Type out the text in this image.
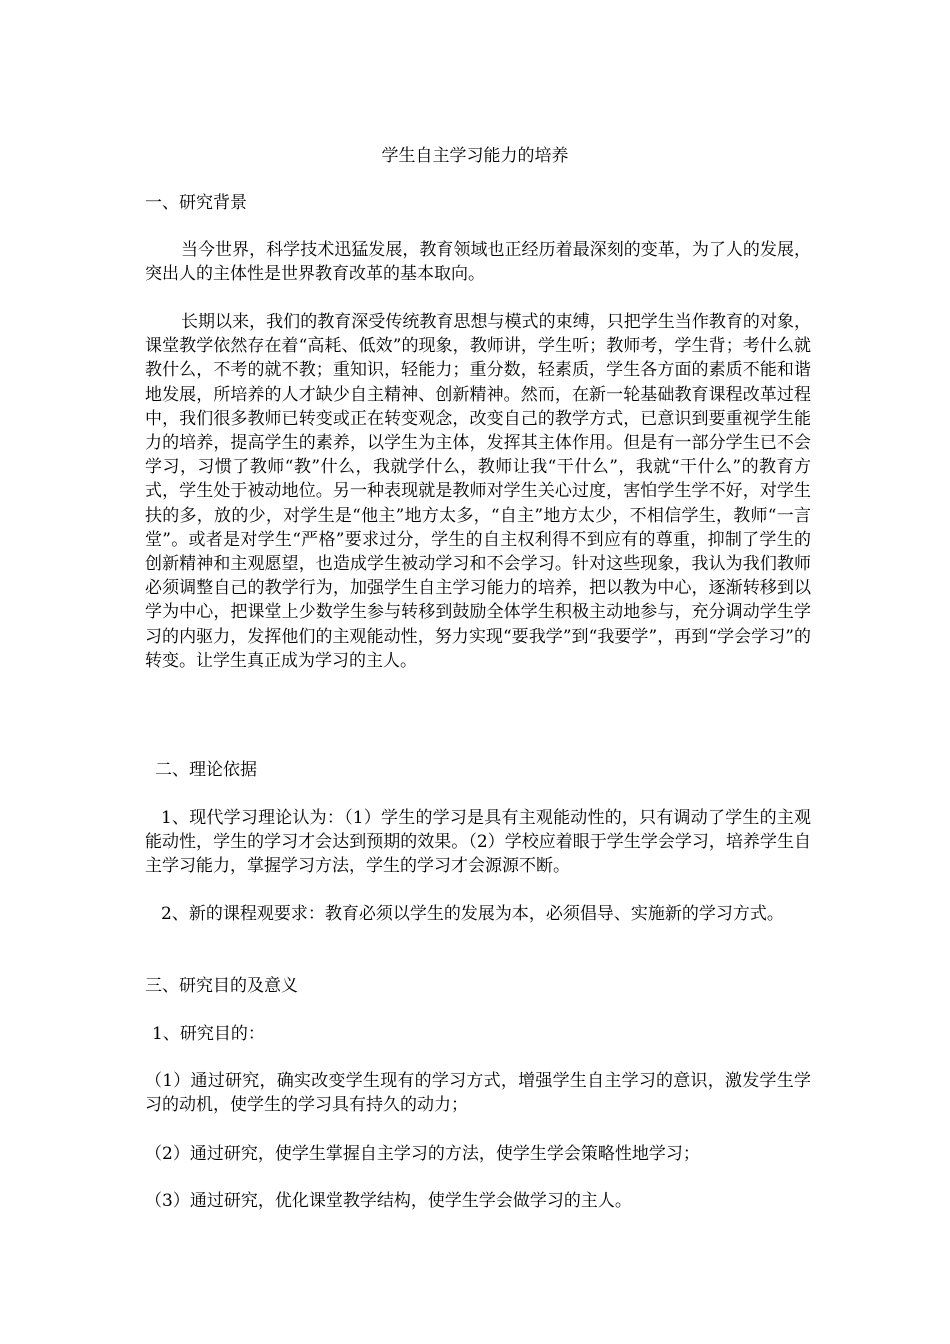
学生自主学习能力的培养
一、研究背景

当今世界，科学技术迅猛发展，教育领域也正经历着最深刻的变革，为了人的发展，突出人的主体性是世界教育改革的基本取向。

长期以来，我们的教育深受传统教育思想与模式的束缚，只把学生当作教育的对象，课堂教学依然存在着“高耗、低效”的现象，教师讲，学生听；教师考，学生背；考什么就教什么，不考的就不教；重知识，轻能力；重分数，轻素质，学生各方面的素质不能和谐地发展，所培养的人才缺少自主精神、创新精神。然而，在新一轮基础教育课程改革过程中，我们很多教师已转变或正在转变观念，改变自己的教学方式，已意识到要重视学生能力的培养，提高学生的素养，以学生为主体，发挥其主体作用。但是有一部分学生已不会学习，习惯了教师“教”什么，我就学什么，教师让我“干什么”，我就“干什么”的教育方式，学生处于被动地位。另一种表现就是教师对学生关心过度，害怕学生学不好，对学生扶的多，放的少，对学生是“他主”地方太多，“自主”地方太少，不相信学生，教师“一言堂”。或者是对学生“严格”要求过分，学生的自主权利得不到应有的尊重，抑制了学生的创新精神和主观愿望，也造成学生被动学习和不会学习。针对这些现象，我认为我们教师必须调整自己的教学行为，加强学生自主学习能力的培养，把以教为中心，逐渐转移到以学为中心，把课堂上少数学生参与转移到鼓励全体学生积极主动地参与，充分调动学生学习的内驱力，发挥他们的主观能动性，努力实现“要我学”到“我要学”，再到“学会学习”的转变。让学生真正成为学习的主人。

二、理论依据

1、现代学习理论认为：（1）学生的学习是具有主观能动性的，只有调动了学生的主观能动性，学生的学习才会达到预期的效果。（2）学校应着眼于学生学会学习，培养学生自主学习能力，掌握学习方法，学生的学习才会源源不断。

2、新的课程观要求：教育必须以学生的发展为本，必须倡导、实施新的学习方式。

三、研究目的及意义
1、研究目的：

（1）通过研究，确实改变学生现有的学习方式，增强学生自主学习的意识，激发学生学习的动机，使学生的学习具有持久的动力；

（2）通过研究，使学生掌握自主学习的方法，使学生学会策略性地学习；

（3）通过研究，优化课堂教学结构，使学生学会做学习的主人。
